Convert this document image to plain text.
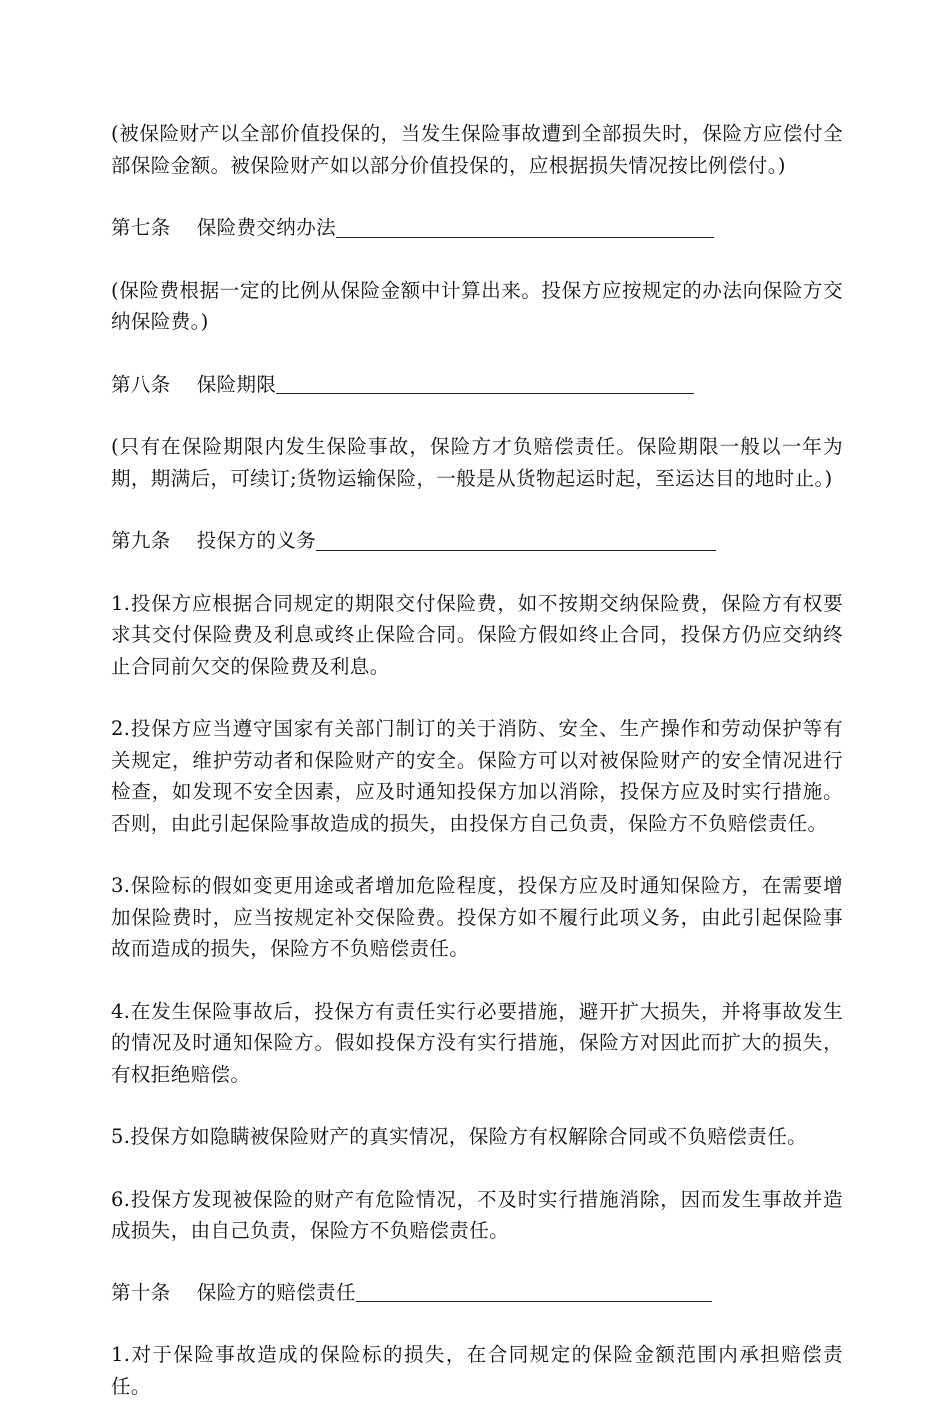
(被保险财产以全部价值投保的，当发生保险事故遭到全部损失时，保险方应偿付全部保险金额。被保险财产如以部分价值投保的，应根据损失情况按比例偿付。)

第七条 保险费交纳办法

(保险费根据一定的比例从保险金额中计算出来。投保方应按规定的办法向保险方交纳保险费。)

第八条 保险期限

(只有在保险期限内发生保险事故，保险方才负赔偿责任。保险期限一般以一年为期，期满后，可续订;货物运输保险，一般是从货物起运时起，至运达目的地时止。)

第九条 投保方的义务

1.投保方应根据合同规定的期限交付保险费，如不按期交纳保险费，保险方有权要求其交付保险费及利息或终止保险合同。保险方假如终止合同，投保方仍应交纳终止合同前欠交的保险费及利息。

2.投保方应当遵守国家有关部门制订的关于消防、安全、生产操作和劳动保护等有关规定，维护劳动者和保险财产的安全。保险方可以对被保险财产的安全情况进行检查，如发现不安全因素，应及时通知投保方加以消除，投保方应及时实行措施。否则，由此引起保险事故造成的损失，由投保方自己负责，保险方不负赔偿责任。

3.保险标的假如变更用途或者增加危险程度，投保方应及时通知保险方，在需要增加保险费时，应当按规定补交保险费。投保方如不履行此项义务，由此引起保险事故而造成的损失，保险方不负赔偿责任。

4.在发生保险事故后，投保方有责任实行必要措施，避开扩大损失，并将事故发生的情况及时通知保险方。假如投保方没有实行措施，保险方对因此而扩大的损失，有权拒绝赔偿。

5.投保方如隐瞒被保险财产的真实情况，保险方有权解除合同或不负赔偿责任。

6.投保方发现被保险的财产有危险情况，不及时实行措施消除，因而发生事故并造成损失，由自己负责，保险方不负赔偿责任。

第十条 保险方的赔偿责任

1.对于保险事故造成的保险标的损失，在合同规定的保险金额范围内承担赔偿责任。
